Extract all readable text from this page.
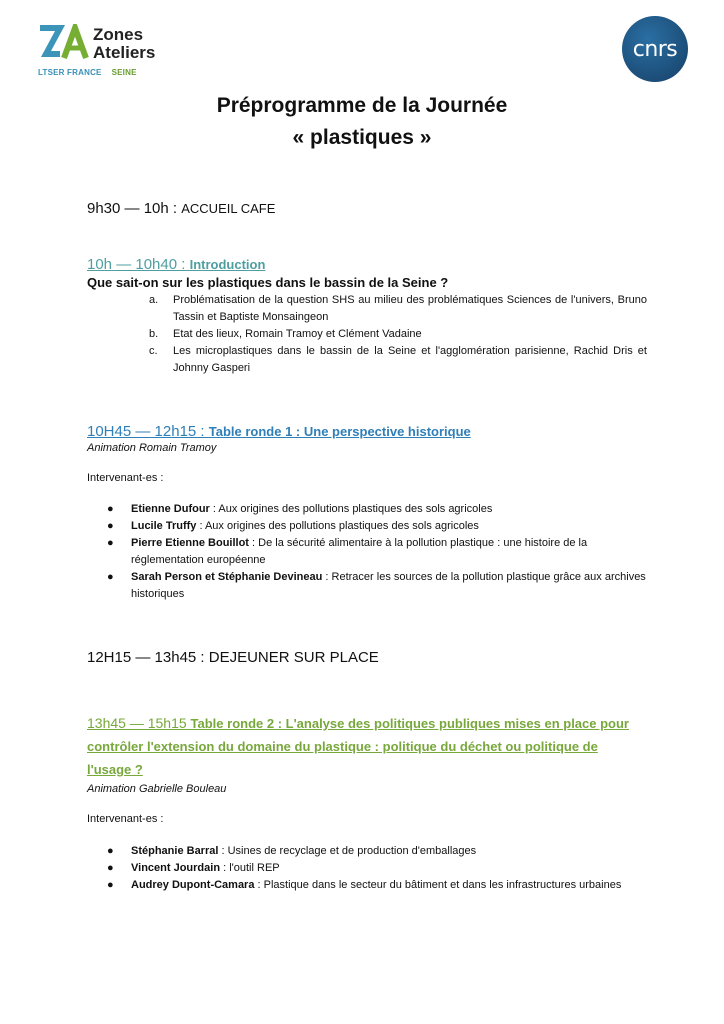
Zones
Ateliers
LTSER FRANCE SEINE
cnrs
Préprogramme de la Journée
« plastiques »
9h30 — 10h : ACCUEIL CAFE
10h — 10h40 : Introduction
Que sait-on sur les plastiques dans le bassin de la Seine ?
a. Problématisation de la question SHS au milieu des problématiques Sciences de l'univers, Bruno Tassin et Baptiste Monsaingeon
b. Etat des lieux, Romain Tramoy et Clément Vadaine
c. Les microplastiques dans le bassin de la Seine et l'agglomération parisienne, Rachid Dris et Johnny Gasperi
10H45 — 12h15 : Table ronde 1 : Une perspective historique
Animation Romain Tramoy
Intervenant-es :
● Etienne Dufour : Aux origines des pollutions plastiques des sols agricoles
● Lucile Truffy : Aux origines des pollutions plastiques des sols agricoles
● Pierre Etienne Bouillot : De la sécurité alimentaire à la pollution plastique : une histoire de la réglementation européenne
● Sarah Person et Stéphanie Devineau : Retracer les sources de la pollution plastique grâce aux archives historiques
12H15 — 13h45 : DEJEUNER SUR PLACE
13h45 — 15h15 Table ronde 2 : L'analyse des politiques publiques mises en place pour contrôler l'extension du domaine du plastique : politique du déchet ou politique de l'usage ?
Animation Gabrielle Bouleau
Intervenant-es :
● Stéphanie Barral : Usines de recyclage et de production d'emballages
● Vincent Jourdain : l'outil REP
● Audrey Dupont-Camara : Plastique dans le secteur du bâtiment et dans les infrastructures urbaines
